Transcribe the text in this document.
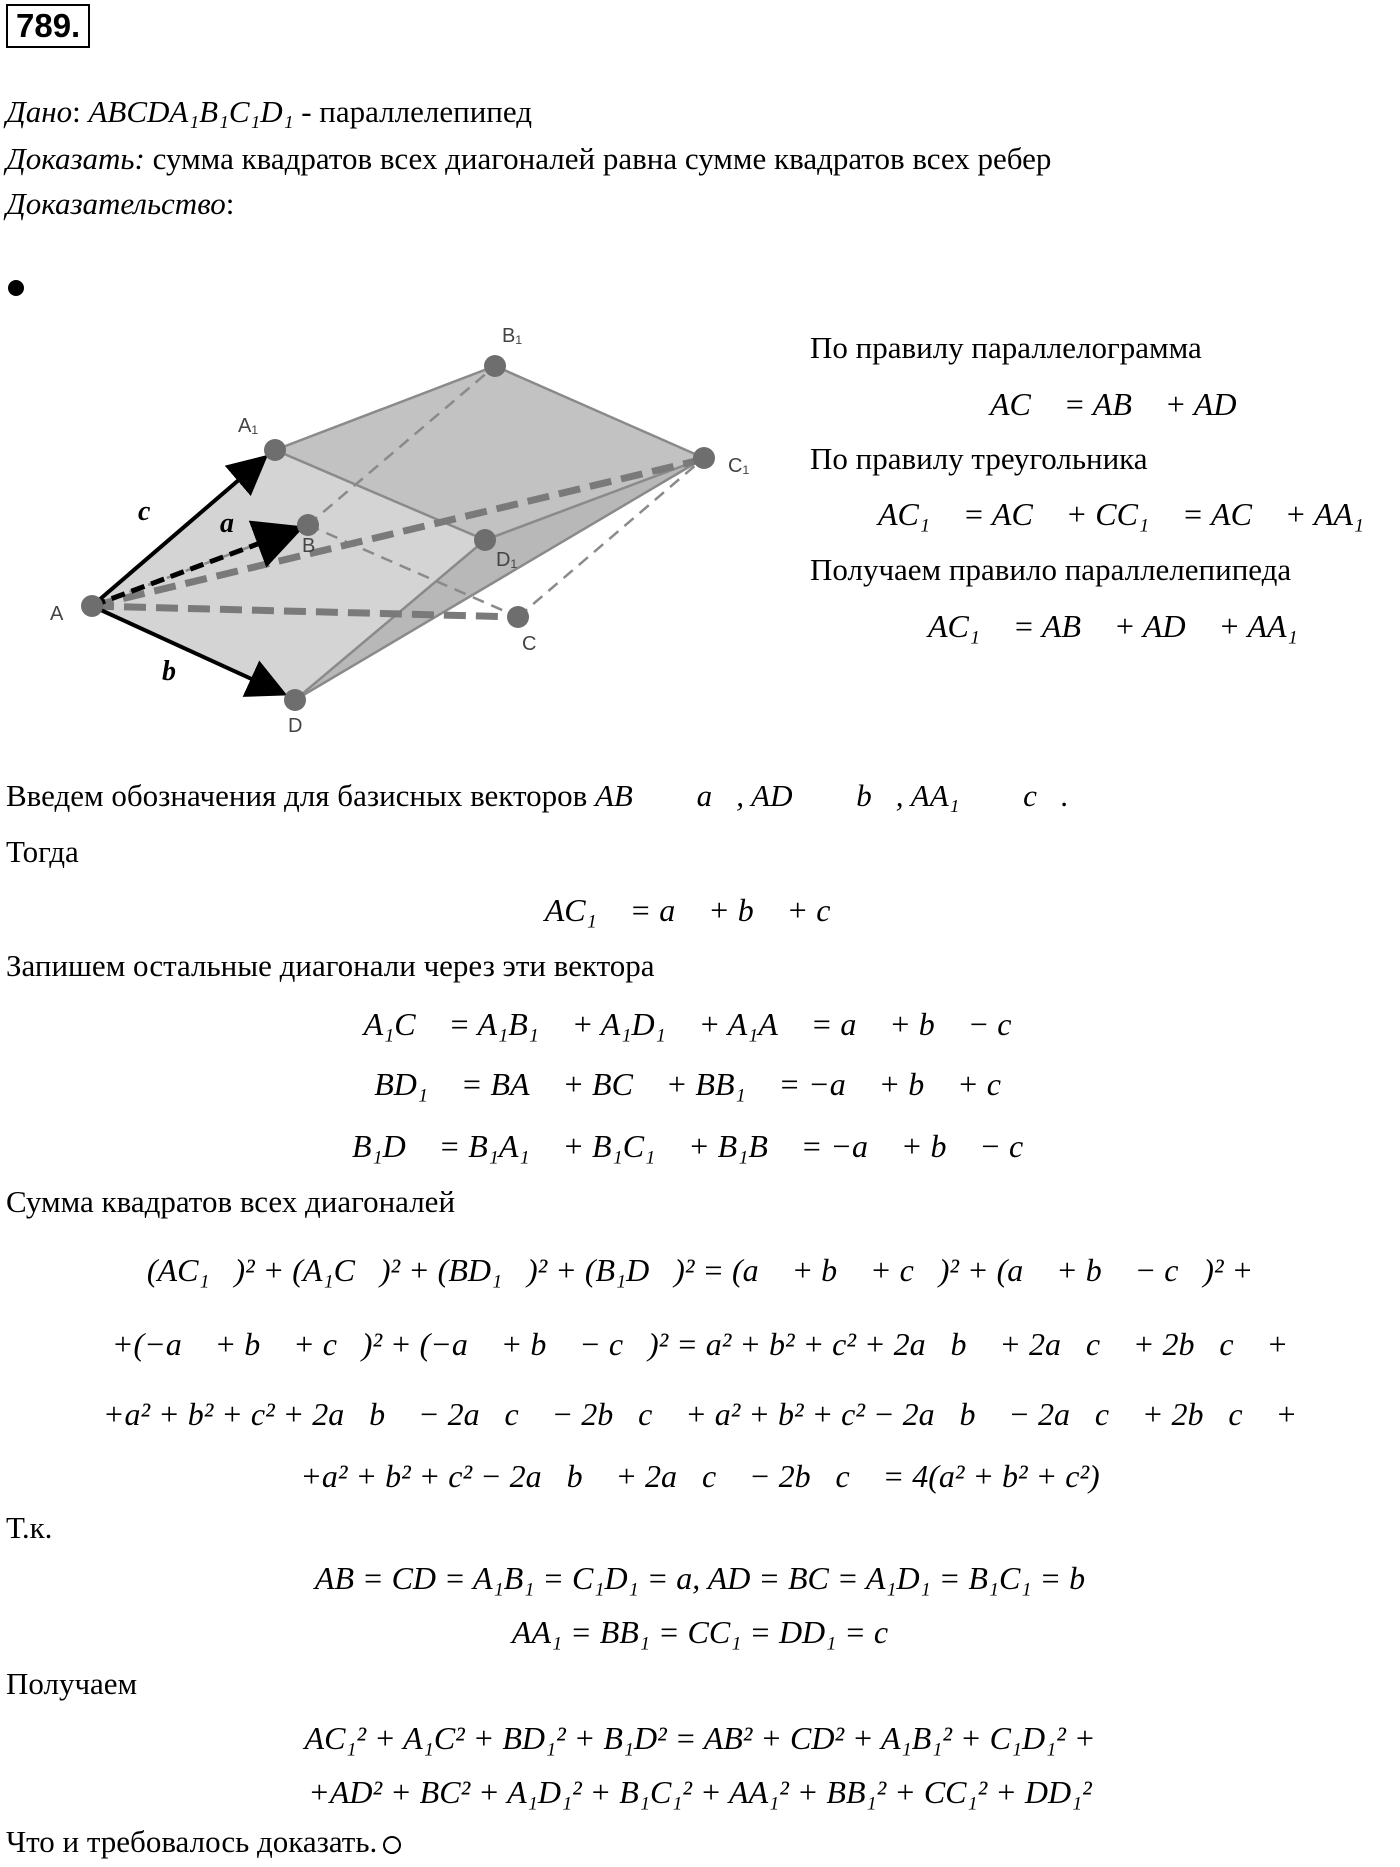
789.
Дано: ABCDA₁B₁C₁D₁ - параллелепипед
Доказать: сумма квадратов всех диагоналей равна сумме квадратов всех ребер
Доказательство:
A
A₁
B₁
C₁
D₁
B
C
D
c⃗ a⃗
b⃗
По правилу параллелограмма
AC⃗ = AB⃗ + AD⃗
По правилу треугольника
AC₁⃗ = AC⃗ + CC₁⃗ = AC⃗ + AA₁⃗
Получаем правило параллелепипеда
AC₁⃗ = AB⃗ + AD⃗ + AA₁⃗
Введем обозначения для базисных векторов AB⃗ ≝ a⃗, AD⃗ ≝ b⃗, AA₁⃗ ≝ c⃗.
Тогда
AC₁⃗ = a⃗ + b⃗ + c⃗
Запишем остальные диагонали через эти вектора
A₁C⃗ = A₁B₁⃗ + A₁D₁⃗ + A₁A⃗ = a⃗ + b⃗ − c⃗
BD₁⃗ = BA⃗ + BC⃗ + BB₁⃗ = −a⃗ + b⃗ + c⃗
B₁D⃗ = B₁A₁⃗ + B₁C₁⃗ + B₁B⃗ = −a⃗ + b⃗ − c⃗
Сумма квадратов всех диагоналей
(AC₁⃗)² + (A₁C⃗)² + (BD₁⃗)² + (B₁D⃗)² = (a⃗ + b⃗ + c⃗)² + (a⃗ + b⃗ − c⃗)² +
+(−a⃗ + b⃗ + c⃗)² + (−a⃗ + b⃗ − c⃗)² = a² + b² + c² + 2a⃗b⃗ + 2a⃗c⃗ + 2b⃗c⃗ +
+a² + b² + c² + 2a⃗b⃗ − 2a⃗c⃗ − 2b⃗c⃗ + a² + b² + c² − 2a⃗b⃗ − 2a⃗c⃗ + 2b⃗c⃗ +
+a² + b² + c² − 2a⃗b⃗ + 2a⃗c⃗ − 2b⃗c⃗ = 4(a² + b² + c²)
Т.к.
AB = CD = A₁B₁ = C₁D₁ = a, AD = BC = A₁D₁ = B₁C₁ = b
AA₁ = BB₁ = CC₁ = DD₁ = c
Получаем
AC₁² + A₁C² + BD₁² + B₁D² = AB² + CD² + A₁B₁² + C₁D₁² +
+AD² + BC² + A₁D₁² + B₁C₁² + AA₁² + BB₁² + CC₁² + DD₁²
Что и требовалось доказать.
